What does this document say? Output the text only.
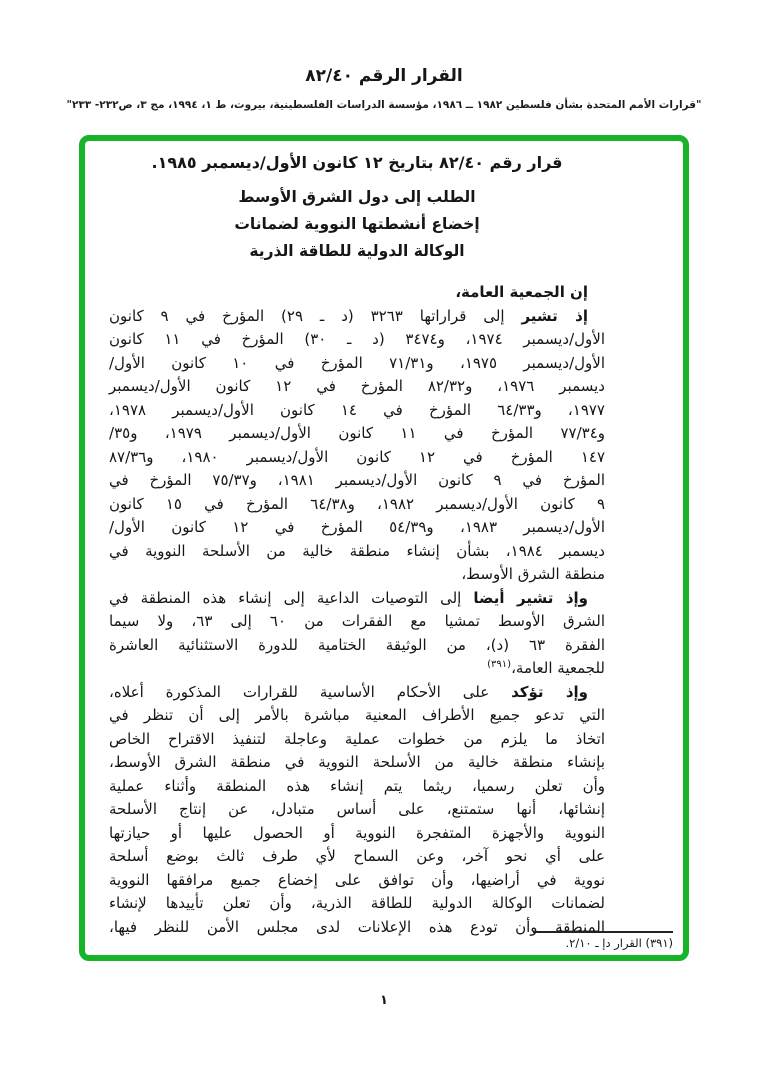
القرار الرقم ٨٢/٤٠
"قرارات الأمم المتحدة بشأن فلسطين ١٩٨٢ ــ ١٩٨٦، مؤسسة الدراسات الفلسطينية، بيروت، ط ١، ١٩٩٤، مج ٣، ص٢٣٢- ٢٣٣"
قرار رقم ٨٢/٤٠ بتاريخ ١٢ كانون الأول/ديسمبر ١٩٨٥.
الطلب إلى دول الشرق الأوسط
إخضاع أنشطتها النووية لضمانات
الوكالة الدولية للطاقة الذرية
إن الجمعية العامة،
إذ تشير إلى قراراتها ٣٢٦٣ (د ـ ٢٩) المؤرخ في ٩ كانون
الأول/ديسمبر ١٩٧٤، و٣٤٧٤ (د ـ ٣٠) المؤرخ في ١١ كانون
الأول/ديسمبر ١٩٧٥، و٧١/٣١ المؤرخ في ١٠ كانون الأول/
ديسمبر ١٩٧٦، و٨٢/٣٢ المؤرخ في ١٢ كانون الأول/ديسمبر
١٩٧٧، و٦٤/٣٣ المؤرخ في ١٤ كانون الأول/ديسمبر ١٩٧٨،
و٧٧/٣٤ المؤرخ في ١١ كانون الأول/ديسمبر ١٩٧٩، و٣٥/
١٤٧ المؤرخ في ١٢ كانون الأول/ديسمبر ١٩٨٠، و٨٧/٣٦
المؤرخ في ٩ كانون الأول/ديسمبر ١٩٨١، و٧٥/٣٧ المؤرخ في
٩ كانون الأول/ديسمبر ١٩٨٢، و٦٤/٣٨ المؤرخ في ١٥ كانون
الأول/ديسمبر ١٩٨٣، و٥٤/٣٩ المؤرخ في ١٢ كانون الأول/
ديسمبر ١٩٨٤، بشأن إنشاء منطقة خالية من الأسلحة النووية في
منطقة الشرق الأوسط،
وإذ تشير أيضا إلى التوصيات الداعية إلى إنشاء هذه المنطقة في
الشرق الأوسط تمشيا مع الفقرات من ٦٠ إلى ٦٣، ولا سيما
الفقرة ٦٣ (د)، من الوثيقة الختامية للدورة الاستثنائية العاشرة
للجمعية العامة،$^{(٣٩١)}$
وإذ تؤكد على الأحكام الأساسية للقرارات المذكورة أعلاه،
التي تدعو جميع الأطراف المعنية مباشرة بالأمر إلى أن تنظر في
اتخاذ ما يلزم من خطوات عملية وعاجلة لتنفيذ الاقتراح الخاص
بإنشاء منطقة خالية من الأسلحة النووية في منطقة الشرق الأوسط،
وأن تعلن رسميا، ريثما يتم إنشاء هذه المنطقة وأثناء عملية
إنشائها، أنها ستمتنع، على أساس متبادل، عن إنتاج الأسلحة
النووية والأجهزة المتفجرة النووية أو الحصول عليها أو حيازتها
على أي نحو آخر، وعن السماح لأي طرف ثالث بوضع أسلحة
نووية في أراضيها، وأن توافق على إخضاع جميع مرافقها النووية
لضمانات الوكالة الدولية للطاقة الذرية، وأن تعلن تأييدها لإنشاء
المنطقة وأن تودع هذه الإعلانات لدى مجلس الأمن للنظر فيها،
(٣٩١) القرار دإ ـ ٢/١٠.
١
